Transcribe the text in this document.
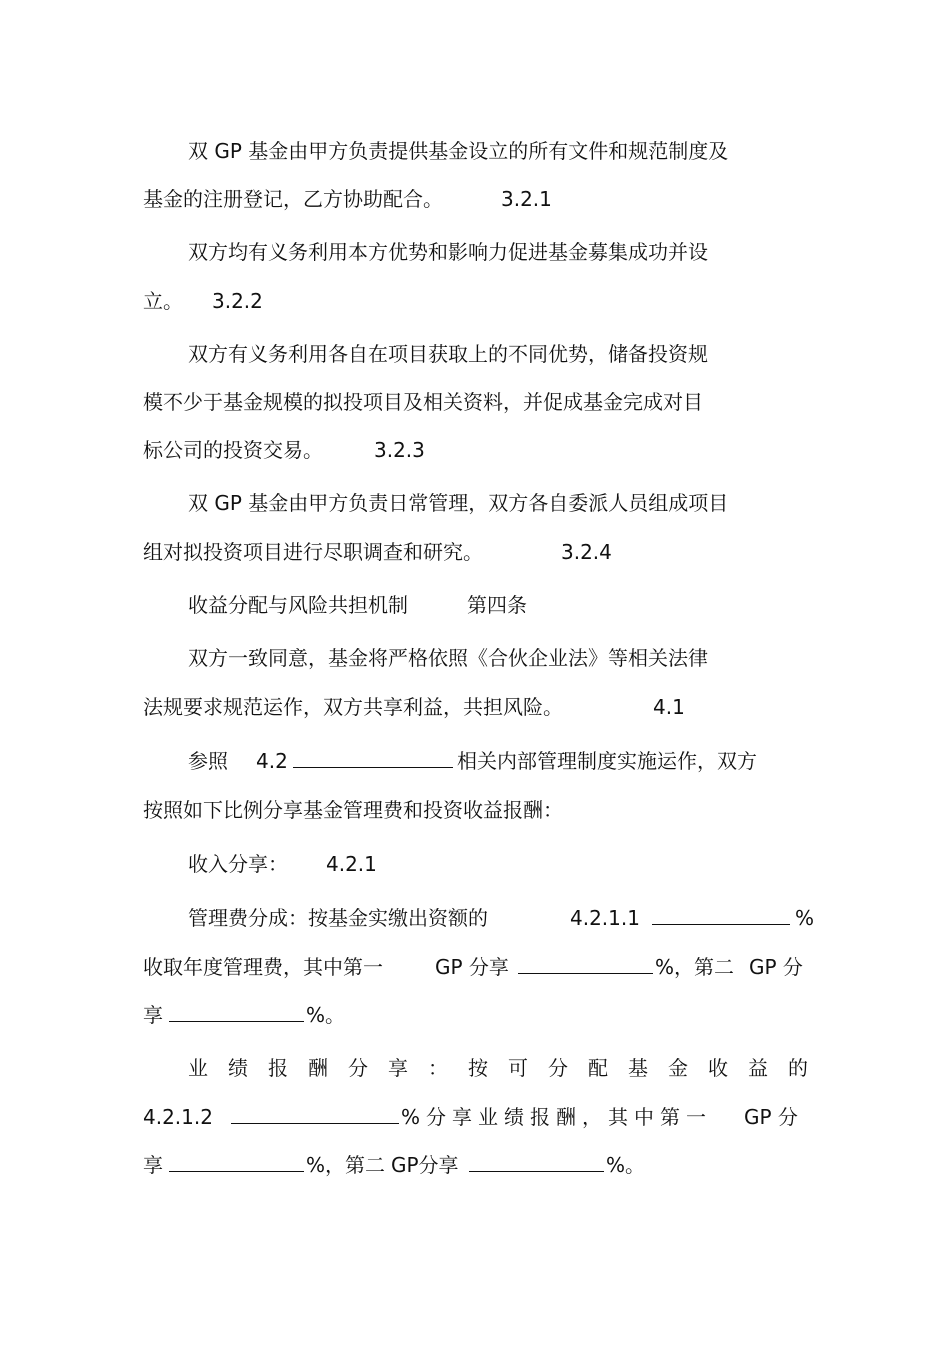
双 GP 基金由甲方负责提供基金设立的所有文件和规范制度及
基金的注册登记，乙方协助配合。	3.2.1
双方均有义务利用本方优势和影响力促进基金募集成功并设
立。 3.2.2
双方有义务利用各自在项目获取上的不同优势，储备投资规
模不少于基金规模的拟投项目及相关资料，并促成基金完成对目
标公司的投资交易。	3.2.3
双 GP 基金由甲方负责日常管理，双方各自委派人员组成项目
组对拟投资项目进行尽职调查和研究。	3.2.4
收益分配与风险共担机制	第四条
双方一致同意，基金将严格依照《合伙企业法》等相关法律
法规要求规范运作，双方共享利益，共担风险。	4.1
参照 4.2	相关内部管理制度实施运作，双方
按照如下比例分享基金管理费和投资收益报酬：
收入分享： 4.2.1
管理费分成：按基金实缴出资额的	4.2.1.1	%
收取年度管理费，其中第一	GP 分享	%，第二 GP 分
享	%。
业绩报酬分享：按可分配基金收益的
4.2.1.2	%分享业绩报酬，其中第一 GP 分
享	%，第二 GP分享	%。
